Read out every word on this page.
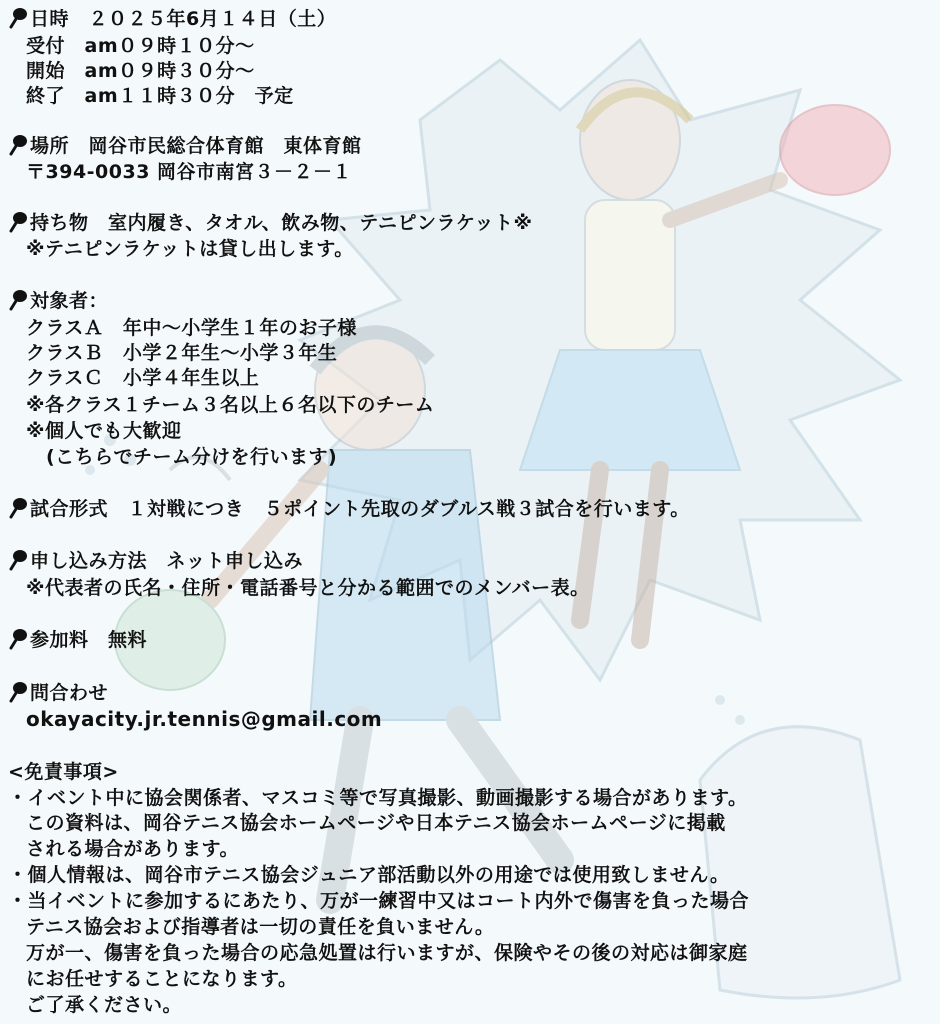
日時　２０２５年6月１４日（土）
受付　am０９時１０分～
開始　am０９時３０分～
終了　am１１時３０分　予定
場所　岡谷市民総合体育館　東体育館
〒394-0033 岡谷市南宮３－２－１
持ち物　室内履き、タオル、飲み物、テニピンラケット※
※テニピンラケットは貸し出します。
対象者：
クラスＡ　年中～小学生１年のお子様
クラスＢ　小学２年生～小学３年生
クラスＣ　小学４年生以上
※各クラス１チーム３名以上６名以下のチーム
※個人でも大歓迎
(こちらでチーム分けを行います)
試合形式　１対戦につき　５ポイント先取のダブルス戦３試合を行います。
申し込み方法　ネット申し込み
※代表者の氏名・住所・電話番号と分かる範囲でのメンバー表。
参加料　無料
問合わせ
okayacity.jr.tennis@gmail.com
<免責事項>
・イベント中に協会関係者、マスコミ等で写真撮影、動画撮影する場合があります。
この資料は、岡谷テニス協会ホームページや日本テニス協会ホームページに掲載
される場合があります。
・個人情報は、岡谷市テニス協会ジュニア部活動以外の用途では使用致しません。
・当イベントに参加するにあたり、万が一練習中又はコート内外で傷害を負った場合
テニス協会および指導者は一切の責任を負いません。
万が一、傷害を負った場合の応急処置は行いますが、保険やその後の対応は御家庭
にお任せすることになります。
ご了承ください。
